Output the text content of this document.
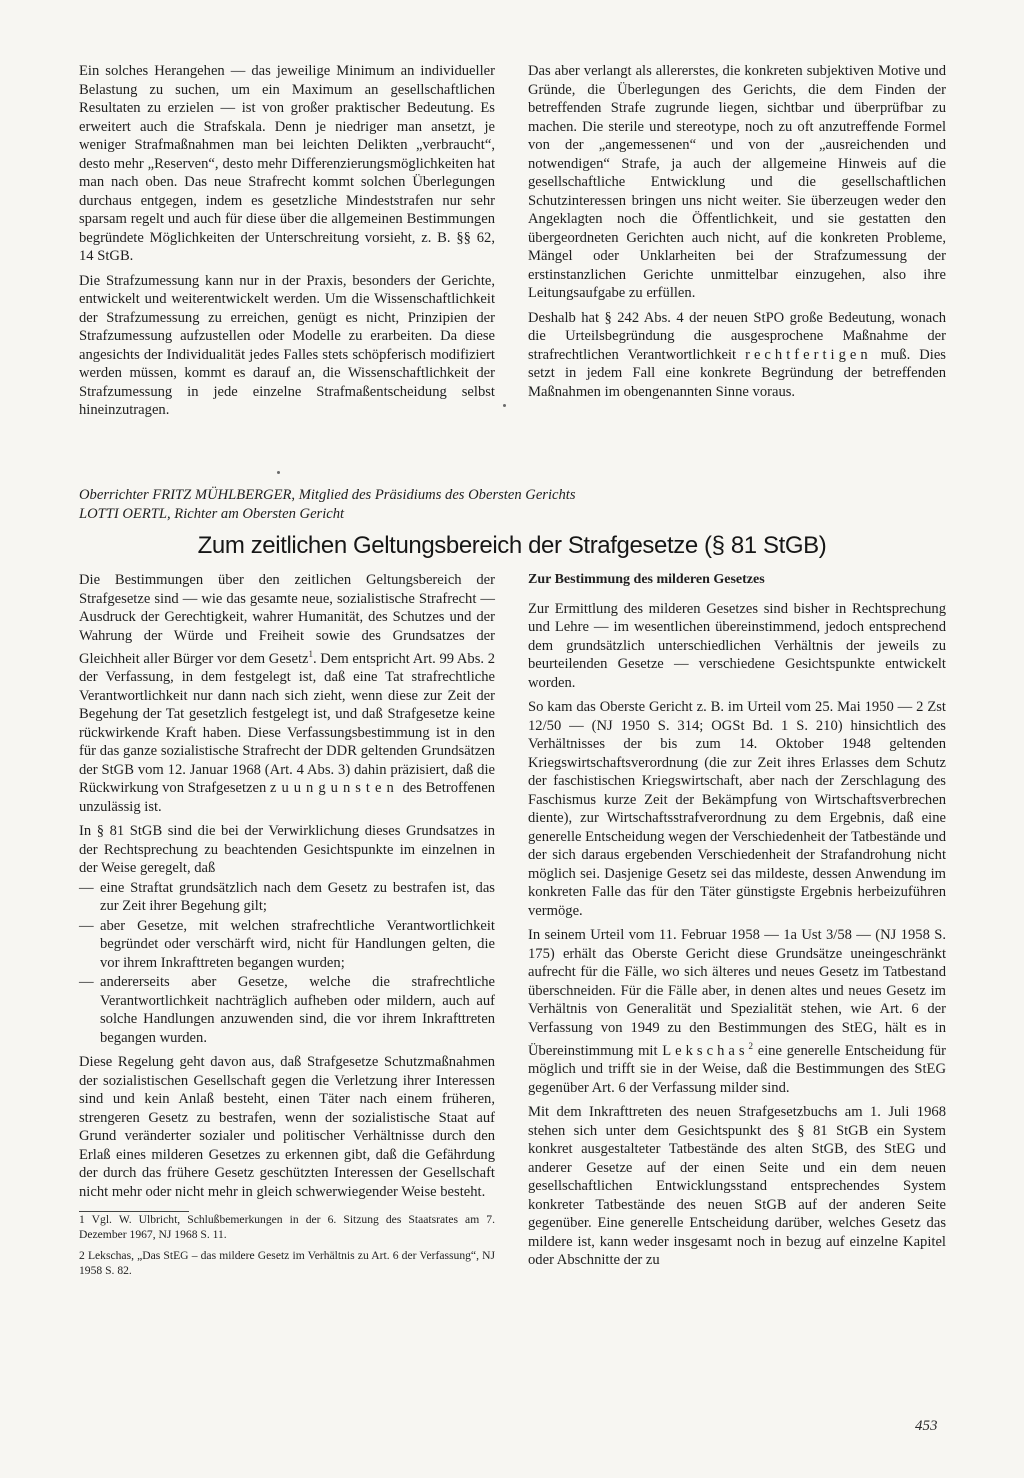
Ein solches Herangehen — das jeweilige Minimum an individueller Belastung zu suchen, um ein Maximum an gesellschaftlichen Resultaten zu erzielen — ist von großer praktischer Bedeutung. Es erweitert auch die Strafskala. Denn je niedriger man ansetzt, je weniger Strafmaßnahmen man bei leichten Delikten „verbraucht“, desto mehr „Reserven“, desto mehr Differenzierungsmöglichkeiten hat man nach oben. Das neue Strafrecht kommt solchen Überlegungen durchaus entgegen, indem es gesetzliche Mindeststrafen nur sehr sparsam regelt und auch für diese über die allgemeinen Bestimmungen begründete Möglichkeiten der Unterschreitung vorsieht, z. B. §§ 62, 14 StGB.

Die Strafzumessung kann nur in der Praxis, besonders der Gerichte, entwickelt und weiterentwickelt werden. Um die Wissenschaftlichkeit der Strafzumessung zu erreichen, genügt es nicht, Prinzipien der Strafzumessung aufzustellen oder Modelle zu erarbeiten. Da diese angesichts der Individualität jedes Falles stets schöpferisch modifiziert werden müssen, kommt es darauf an, die Wissenschaftlichkeit der Strafzumessung in jede einzelne Strafmaßentscheidung selbst hineinzutragen.

Das aber verlangt als allererstes, die konkreten subjektiven Motive und Gründe, die Überlegungen des Gerichts, die dem Finden der betreffenden Strafe zugrunde liegen, sichtbar und überprüfbar zu machen. Die sterile und stereotype, noch zu oft anzutreffende Formel von der „angemessenen“ und von der „ausreichenden und notwendigen“ Strafe, ja auch der allgemeine Hinweis auf die gesellschaftliche Entwicklung und die gesellschaftlichen Schutzinteressen bringen uns nicht weiter. Sie überzeugen weder den Angeklagten noch die Öffentlichkeit, und sie gestatten den übergeordneten Gerichten auch nicht, auf die konkreten Probleme, Mängel oder Unklarheiten bei der Strafzumessung der erstinstanzlichen Gerichte unmittelbar einzugehen, also ihre Leitungsaufgabe zu erfüllen.

Deshalb hat § 242 Abs. 4 der neuen StPO große Bedeutung, wonach die Urteilsbegründung die ausgesprochene Maßnahme der strafrechtlichen Verantwortlichkeit rechtfertigen muß. Dies setzt in jedem Fall eine konkrete Begründung der betreffenden Maßnahmen im obengenannten Sinne voraus.

Oberrichter FRITZ MÜHLBERGER, Mitglied des Präsidiums des Obersten Gerichts
LOTTI OERTL, Richter am Obersten Gericht
Zum zeitlichen Geltungsbereich der Strafgesetze (§ 81 StGB)

Die Bestimmungen über den zeitlichen Geltungsbereich der Strafgesetze sind — wie das gesamte neue, sozialistische Strafrecht — Ausdruck der Gerechtigkeit, wahrer Humanität, des Schutzes und der Wahrung der Würde und Freiheit sowie des Grundsatzes der Gleichheit aller Bürger vor dem Gesetz$^1$. Dem entspricht Art. 99 Abs. 2 der Verfassung, in dem festgelegt ist, daß eine Tat strafrechtliche Verantwortlichkeit nur dann nach sich zieht, wenn diese zur Zeit der Begehung der Tat gesetzlich festgelegt ist, und daß Strafgesetze keine rückwirkende Kraft haben. Diese Verfassungsbestimmung ist in den für das ganze sozialistische Strafrecht der DDR geltenden Grundsätzen der StGB vom 12. Januar 1968 (Art. 4 Abs. 3) dahin präzisiert, daß die Rückwirkung von Strafgesetzen zuungunsten des Betroffenen unzulässig ist.

In § 81 StGB sind die bei der Verwirklichung dieses Grundsatzes in der Rechtsprechung zu beachtenden Gesichtspunkte im einzelnen in der Weise geregelt, daß

— eine Straftat grundsätzlich nach dem Gesetz zu bestrafen ist, das zur Zeit ihrer Begehung gilt;
— aber Gesetze, mit welchen strafrechtliche Verantwortlichkeit begründet oder verschärft wird, nicht für Handlungen gelten, die vor ihrem Inkrafttreten begangen wurden;
— andererseits aber Gesetze, welche die strafrechtliche Verantwortlichkeit nachträglich aufheben oder mildern, auch auf solche Handlungen anzuwenden sind, die vor ihrem Inkrafttreten begangen wurden.

Diese Regelung geht davon aus, daß Strafgesetze Schutzmaßnahmen der sozialistischen Gesellschaft gegen die Verletzung ihrer Interessen sind und kein Anlaß besteht, einen Täter nach einem früheren, strengeren Gesetz zu bestrafen, wenn der sozialistische Staat auf Grund veränderter sozialer und politischer Verhältnisse durch den Erlaß eines milderen Gesetzes zu erkennen gibt, daß die Gefährdung der durch das frühere Gesetz geschützten Interessen der Gesellschaft nicht mehr oder nicht mehr in gleich schwerwiegender Weise besteht.

1 Vgl. W. Ulbricht, Schlußbemerkungen in der 6. Sitzung des Staatsrates am 7. Dezember 1967, NJ 1968 S. 11.

2 Lekschas, „Das StEG – das mildere Gesetz im Verhältnis zu Art. 6 der Verfassung“, NJ 1958 S. 82.

Zur Bestimmung des milderen Gesetzes

Zur Ermittlung des milderen Gesetzes sind bisher in Rechtsprechung und Lehre — im wesentlichen übereinstimmend, jedoch entsprechend dem grundsätzlich unterschiedlichen Verhältnis der jeweils zu beurteilenden Gesetze — verschiedene Gesichtspunkte entwickelt worden.

So kam das Oberste Gericht z. B. im Urteil vom 25. Mai 1950 — 2 Zst 12/50 — (NJ 1950 S. 314; OGSt Bd. 1 S. 210) hinsichtlich des Verhältnisses der bis zum 14. Oktober 1948 geltenden Kriegswirtschaftsverordnung (die zur Zeit ihres Erlasses dem Schutz der faschistischen Kriegswirtschaft, aber nach der Zerschlagung des Faschismus kurze Zeit der Bekämpfung von Wirtschaftsverbrechen diente), zur Wirtschaftsstrafverordnung zu dem Ergebnis, daß eine generelle Entscheidung wegen der Verschiedenheit der Tatbestände und der sich daraus ergebenden Verschiedenheit der Strafandrohung nicht möglich sei. Dasjenige Gesetz sei das mildeste, dessen Anwendung im konkreten Falle das für den Täter günstigste Ergebnis herbeizuführen vermöge.

In seinem Urteil vom 11. Februar 1958 — 1a Ust 3/58 — (NJ 1958 S. 175) erhält das Oberste Gericht diese Grundsätze uneingeschränkt aufrecht für die Fälle, wo sich älteres und neues Gesetz im Tatbestand überschneiden. Für die Fälle aber, in denen altes und neues Gesetz im Verhältnis von Generalität und Spezialität stehen, wie Art. 6 der Verfassung von 1949 zu den Bestimmungen des StEG, hält es in Übereinstimmung mit Lekschas$^2$ eine generelle Entscheidung für möglich und trifft sie in der Weise, daß die Bestimmungen des StEG gegenüber Art. 6 der Verfassung milder sind.

Mit dem Inkrafttreten des neuen Strafgesetzbuchs am 1. Juli 1968 stehen sich unter dem Gesichtspunkt des § 81 StGB ein System konkret ausgestalteter Tatbestände des alten StGB, des StEG und anderer Gesetze auf der einen Seite und ein dem neuen gesellschaftlichen Entwicklungsstand entsprechendes System konkreter Tatbestände des neuen StGB auf der anderen Seite gegenüber. Eine generelle Entscheidung darüber, welches Gesetz das mildere ist, kann weder insgesamt noch in bezug auf einzelne Kapitel oder Abschnitte der zu

453
